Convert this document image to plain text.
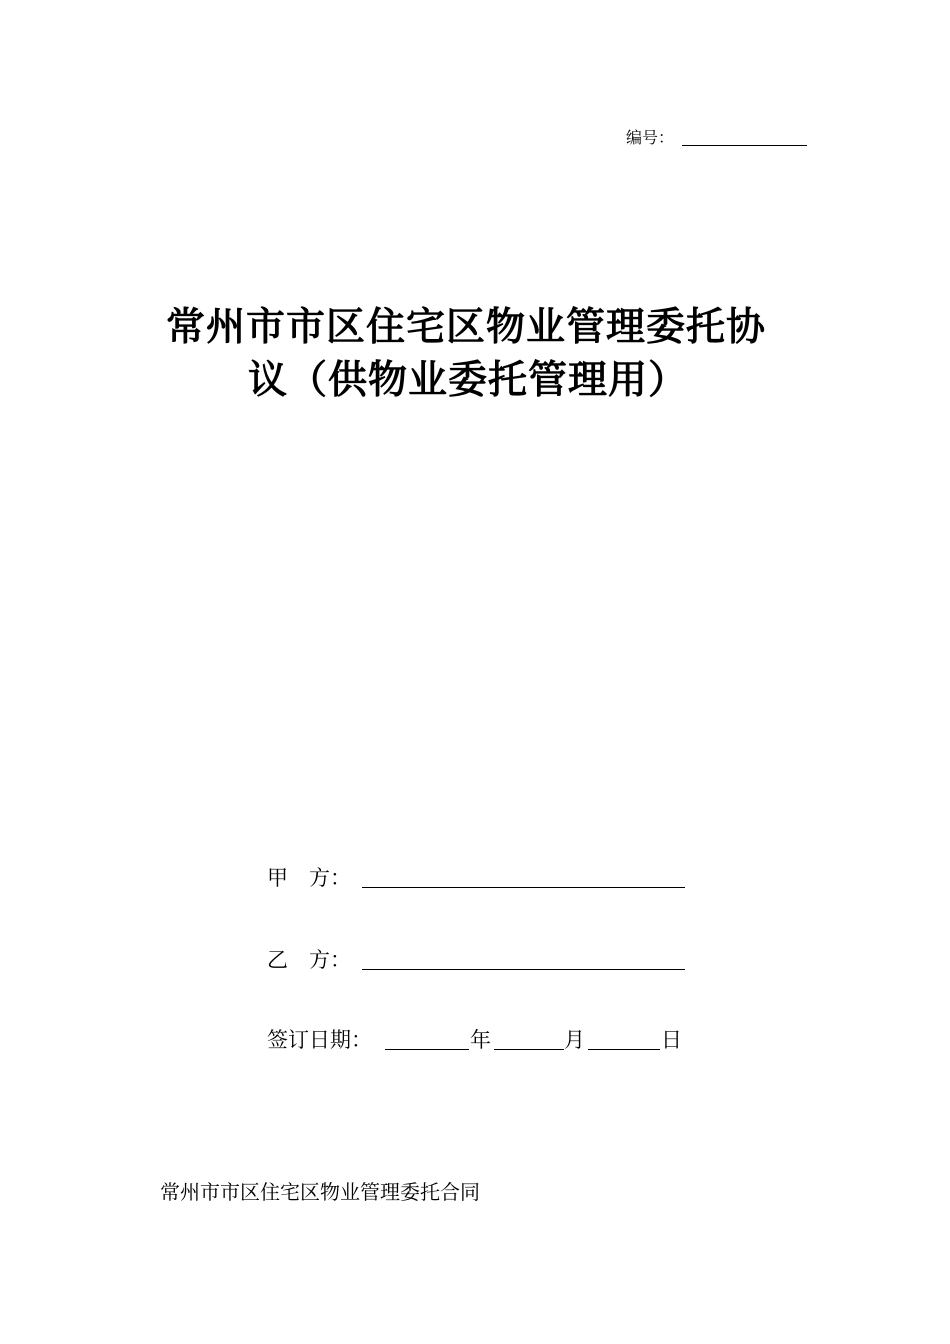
编号：
常州市市区住宅区物业管理委托协
议（供物业委托管理用）
甲　方：
乙　方：
签订日期：	年	月	日
常州市市区住宅区物业管理委托合同
